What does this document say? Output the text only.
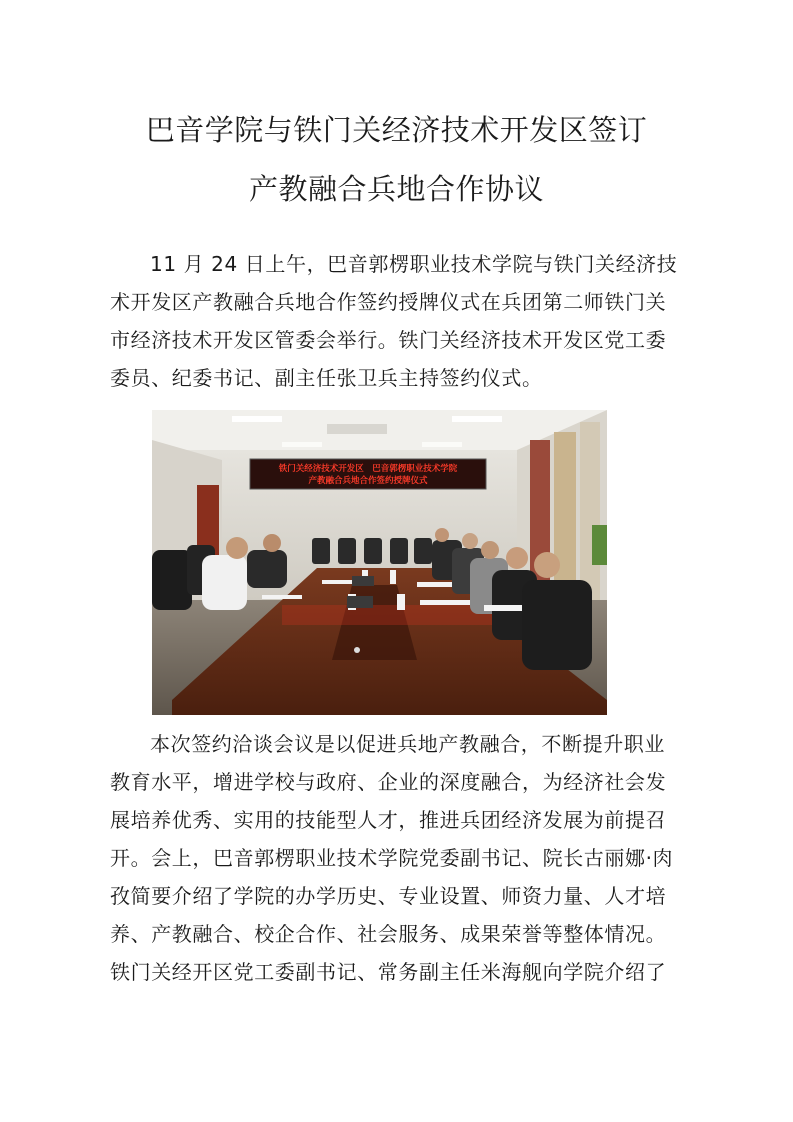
巴音学院与铁门关经济技术开发区签订
产教融合兵地合作协议

11 月 24 日上午，巴音郭楞职业技术学院与铁门关经济技
术开发区产教融合兵地合作签约授牌仪式在兵团第二师铁门关
市经济技术开发区管委会举行。铁门关经济技术开发区党工委
委员、纪委书记、副主任张卫兵主持签约仪式。

铁门关经济技术开发区　巴音郭楞职业技术学院
产教融合兵地合作签约授牌仪式

本次签约洽谈会议是以促进兵地产教融合，不断提升职业
教育水平，增进学校与政府、企业的深度融合，为经济社会发
展培养优秀、实用的技能型人才，推进兵团经济发展为前提召
开。会上，巴音郭楞职业技术学院党委副书记、院长古丽娜·肉
孜简要介绍了学院的办学历史、专业设置、师资力量、人才培
养、产教融合、校企合作、社会服务、成果荣誉等整体情况。
铁门关经开区党工委副书记、常务副主任米海舰向学院介绍了
